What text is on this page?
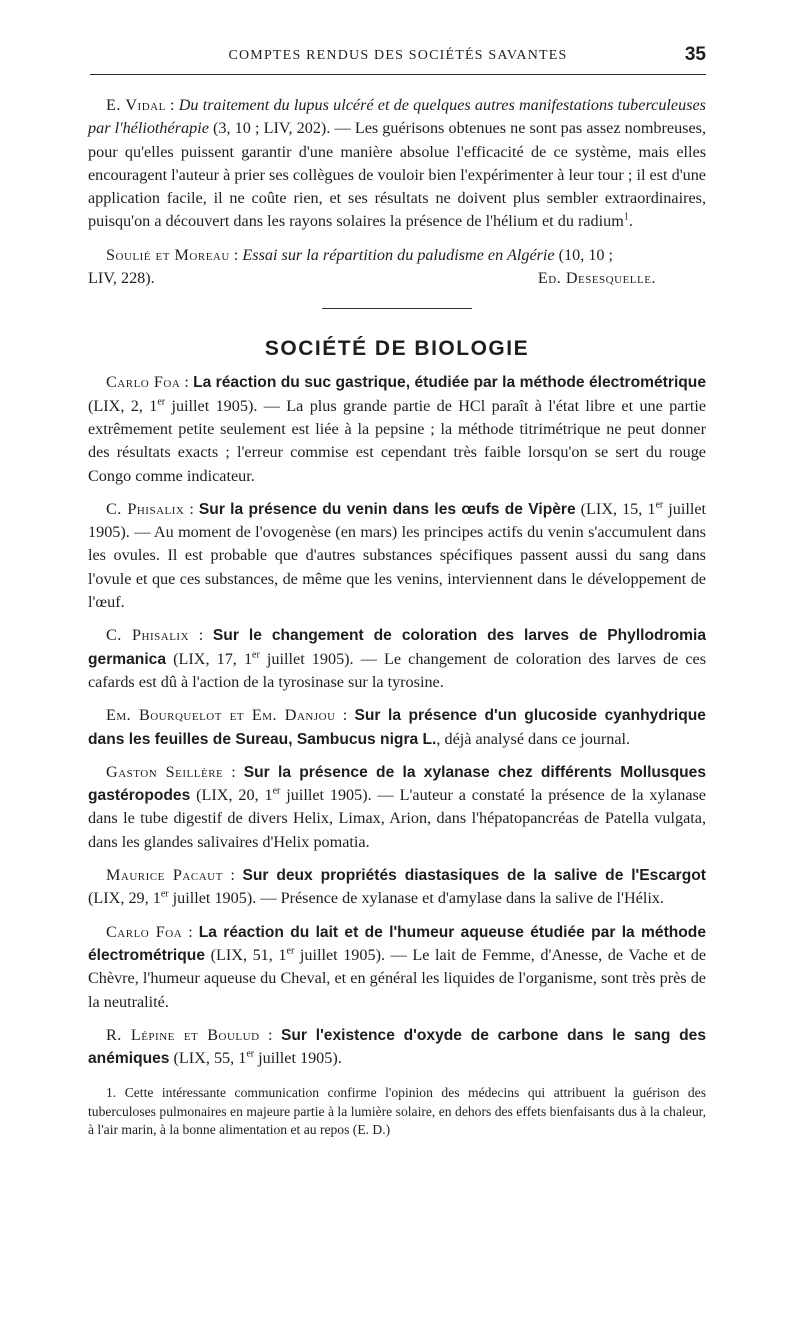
COMPTES RENDUS DES SOCIÉTÉS SAVANTES	35

E. Vidal : Du traitement du lupus ulcéré et de quelques autres manifestations tuberculeuses par l'héliothérapie (3, 10 ; LIV, 202). — Les guérisons obtenues ne sont pas assez nombreuses, pour qu'elles puissent garantir d'une manière absolue l'efficacité de ce système, mais elles encouragent l'auteur à prier ses collègues de vouloir bien l'expérimenter à leur tour ; il est d'une application facile, il ne coûte rien, et ses résultats ne doivent plus sembler extraordinaires, puisqu'on a découvert dans les rayons solaires la présence de l'hélium et du radium$^1$.

Soulié et Moreau : Essai sur la répartition du paludisme en Algérie (10, 10 ;

LIV, 228).	Ed. Desesquelle.
SOCIÉTÉ DE BIOLOGIE

Carlo Foa : La réaction du suc gastrique, étudiée par la méthode électrométrique (LIX, 2, 1er juillet 1905). — La plus grande partie de HCl paraît à l'état libre et une partie extrêmement petite seulement est liée à la pepsine ; la méthode titrimétrique ne peut donner des résultats exacts ; l'erreur commise est cependant très faible lorsqu'on se sert du rouge Congo comme indicateur.

C. Phisalix : Sur la présence du venin dans les œufs de Vipère (LIX, 15, 1er juillet 1905). — Au moment de l'ovogenèse (en mars) les principes actifs du venin s'accumulent dans les ovules. Il est probable que d'autres substances spécifiques passent aussi du sang dans l'ovule et que ces substances, de même que les venins, interviennent dans le développement de l'œuf.

C. Phisalix : Sur le changement de coloration des larves de Phyllodromia germanica (LIX, 17, 1er juillet 1905). — Le changement de coloration des larves de ces cafards est dû à l'action de la tyrosinase sur la tyrosine.

Em. Bourquelot et Em. Danjou : Sur la présence d'un glucoside cyanhydrique dans les feuilles de Sureau, Sambucus nigra L., déjà analysé dans ce journal.

Gaston Seillère : Sur la présence de la xylanase chez différents Mollusques gastéropodes (LIX, 20, 1er juillet 1905). — L'auteur a constaté la présence de la xylanase dans le tube digestif de divers Helix, Limax, Arion, dans l'hépatopancréas de Patella vulgata, dans les glandes salivaires d'Helix pomatia.

Maurice Pacaut : Sur deux propriétés diastasiques de la salive de l'Escargot (LIX, 29, 1er juillet 1905). — Présence de xylanase et d'amylase dans la salive de l'Hélix.

Carlo Foa : La réaction du lait et de l'humeur aqueuse étudiée par la méthode électrométrique (LIX, 51, 1er juillet 1905). — Le lait de Femme, d'Anesse, de Vache et de Chèvre, l'humeur aqueuse du Cheval, et en général les liquides de l'organisme, sont très près de la neutralité.

R. Lépine et Boulud : Sur l'existence d'oxyde de carbone dans le sang des anémiques (LIX, 55, 1er juillet 1905).

1. Cette intéressante communication confirme l'opinion des médecins qui attribuent la guérison des tuberculoses pulmonaires en majeure partie à la lumière solaire, en dehors des effets bienfaisants dus à la chaleur, à l'air marin, à la bonne alimentation et au repos (E. D.)
